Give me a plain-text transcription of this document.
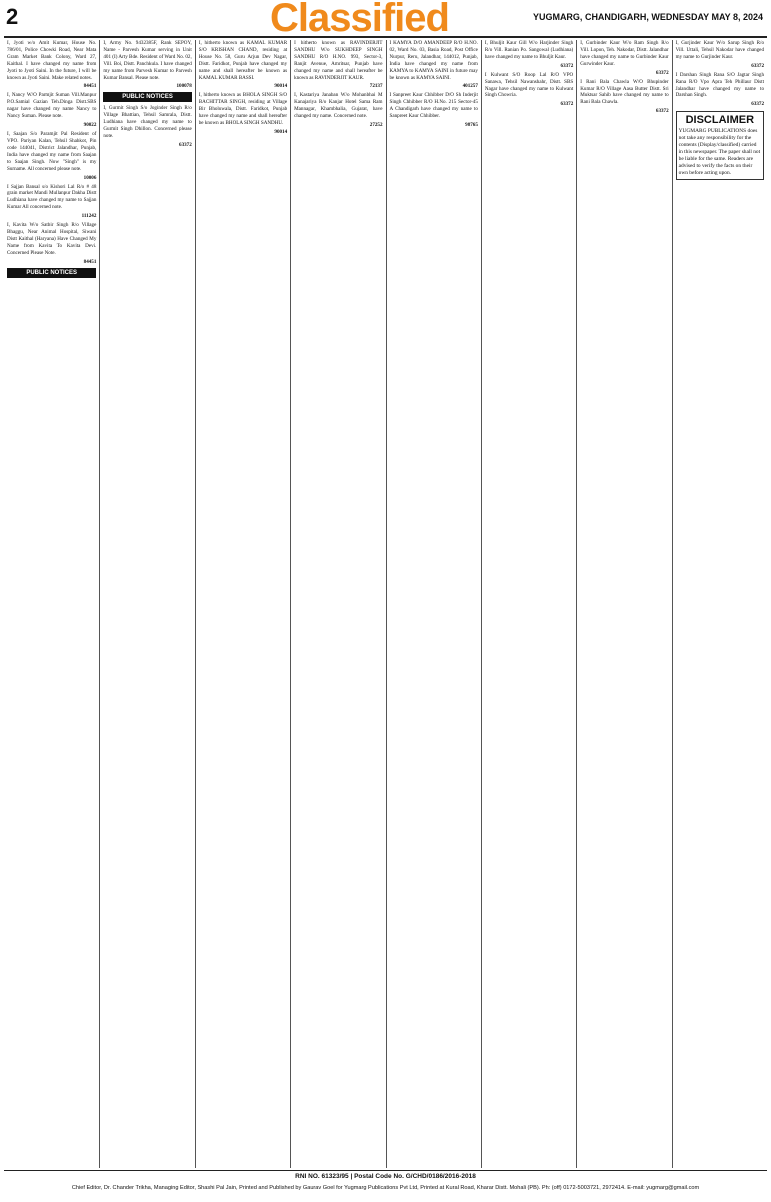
2	Classified	YUGMARG, CHANDIGARH, WEDNESDAY MAY 8, 2024

I, Jyoti w/o Amit Kumar, House No. 786/01, Police Chowki Road, Near Mata Gram Market Bank Colony, Ward 27, Kaithal. I have changed my name from Jyoti to Jyoti Saini. In the future, I will be known as Jyoti Saini. Make related notes.

84451

I, Nancy W/O Parmjit Suman Vill.Manpur P.O.Samial Gazian Teh.Dinga Distt.SBS nagar have changed my name Nancy to Nancy Suman. Please note.

90022

I, Saajan S/o Paramjit Pal Resident of VPO. Pariyan Kalan, Tehsil Shahkot, Pin code 144041, District Jalandhar, Punjab, India have changed my name from Saajan to Saajan Singh. Now "Singh" is my Surname. All concerned please note.

10006

I Sajjan Bansal s/o Kishori Lal R/o # 48 grain market Mandi Mullanpur Dakha Distt Ludhiana have changed my name to Sajjan Kumar All concerned note.

111242

I, Kavita W/o Satbir Singh R/o Village Bhaggu, Near Animal Hospital, Siwani Distt Kaithal (Haryana) Have Changed My Name from Kavita To Kavita Devi. Concerned Please Note.

84451
PUBLIC NOTICES

I, Army No. 9432385F, Rank SEPOY, Name - Parvesh Kumar serving in Unit 401 (I) Arty Bde. Resident of Ward No. 02, Vill. Boi, Distt. Panchkula. I have changed my name from Parvesh Kumar to Parvesh Kumar Bansal. Please note.

100078
PUBLIC NOTICES

I, Gurmit Singh S/o Joginder Singh R/o Village Bhattian, Tehsil Samrala, Distt. Ludhiana have changed my name to Gurmit Singh Dhillon. Concerned please note.

63372

I, hitherto known as KAMAL KUMAR S/O KRISHAN CHAND, residing at House No. 58, Guru Arjun Dev Nagar, Distt. Faridkot, Punjab have changed my name and shall hereafter be known as KAMAL KUMAR BASSI.

90014

I, hitherto known as BHOLA SINGH S/O BACHITTAR SINGH, residing at Village Bir Bholuwala, Distt. Faridkot, Punjab have changed my name and shall hereafter be known as BHOLA SINGH SANDHU.

90014

I hitherto known as RAVINDERJIT SANDHU W/o SUKHDEEP SINGH SANDHU R/O H.NO. 993, Sector-3, Ranjit Avenue, Amritsar, Punjab have changed my name and shall hereafter be known as RAVINDERJIT KAUR.

72137

I, Kastariya Janaban W/o Mohanbhai M Kanajariya R/o Kanjar Hotel Sama Ram Mannagar, Khambhalia, Gujarat, have changed my name. Concerned note.

27252

I KAMYA D/O AMANDEEP R/O H.NO. 02, Ward No. 03, Basia Road, Post Office Nurpur, Reru, Jalandhar, 144012, Punjab, India have changed my name from KAMYA to KAMYA SAINI in future may be known as KAMYA SAINI.

401257

I Sanpreet Kaur Chhibber D/O Sh Inderjit Singh Chhibber R/O H.No. 215 Sector-45 A Chandigarh have changed my name to Sanpreet Kaur Chhibber.

98765

I, Bhuljit Kaur Gill W/o Harjinder Singh R/o Vill. Ranian Po. Sangowal (Ludhiana) have changed my name to Bhuljit Kaur.

63372

I Kulwant S/O Roop Lal R/O VPO Sanawa, Tehsil Nawanshahr, Distt. SBS Nagar have changed my name to Kulwant Singh Chowria.

63372

I, Gurbinder Kaur W/o Ram Singh R/o Vill. Lopon, Teh. Nakodar, Distt. Jalandhar have changed my name to Gurbinder Kaur Gurwinder Kaur.

63372

I Rani Bala Chawla W/O Bhupinder Kumar R/O Village Aasa Butter Distt. Sri Muktsar Sahib have changed my name to Rani Bala Chawla.

63372

I, Gurjinder Kaur W/o Sarup Singh R/o Vill. Uttali, Tehsil Nakodar have changed my name to Gurjinder Kaur.

63372

I Darshan Singh Rana S/O Jagtar Singh Rana R/O Vpo Apra Teh Phillaur Distt Jalandhar have changed my name to Darshan Singh.

63372
DISCLAIMER

YUGMARG PUBLICATIONS does not take any responsibility for the contents (Display/classified) carried in this newspaper. The paper shall not be liable for the same. Readers are advised to verify the facts on their own before acting upon.

RNI NO. 61323/95 | Postal Code No. G/CHD/0186/2016-2018
Chief Editor, Dr. Chander Trikha, Managing Editor, Shashi Pal Jain, Printed and Published by Gaurav Goel for Yugmarg Publications Pvt Ltd, Printed at Kural Road, Kharar Distt. Mohali (PB). Ph: (off) 0172-5003721, 2972414. E-mail: yugmarg@gmail.com
